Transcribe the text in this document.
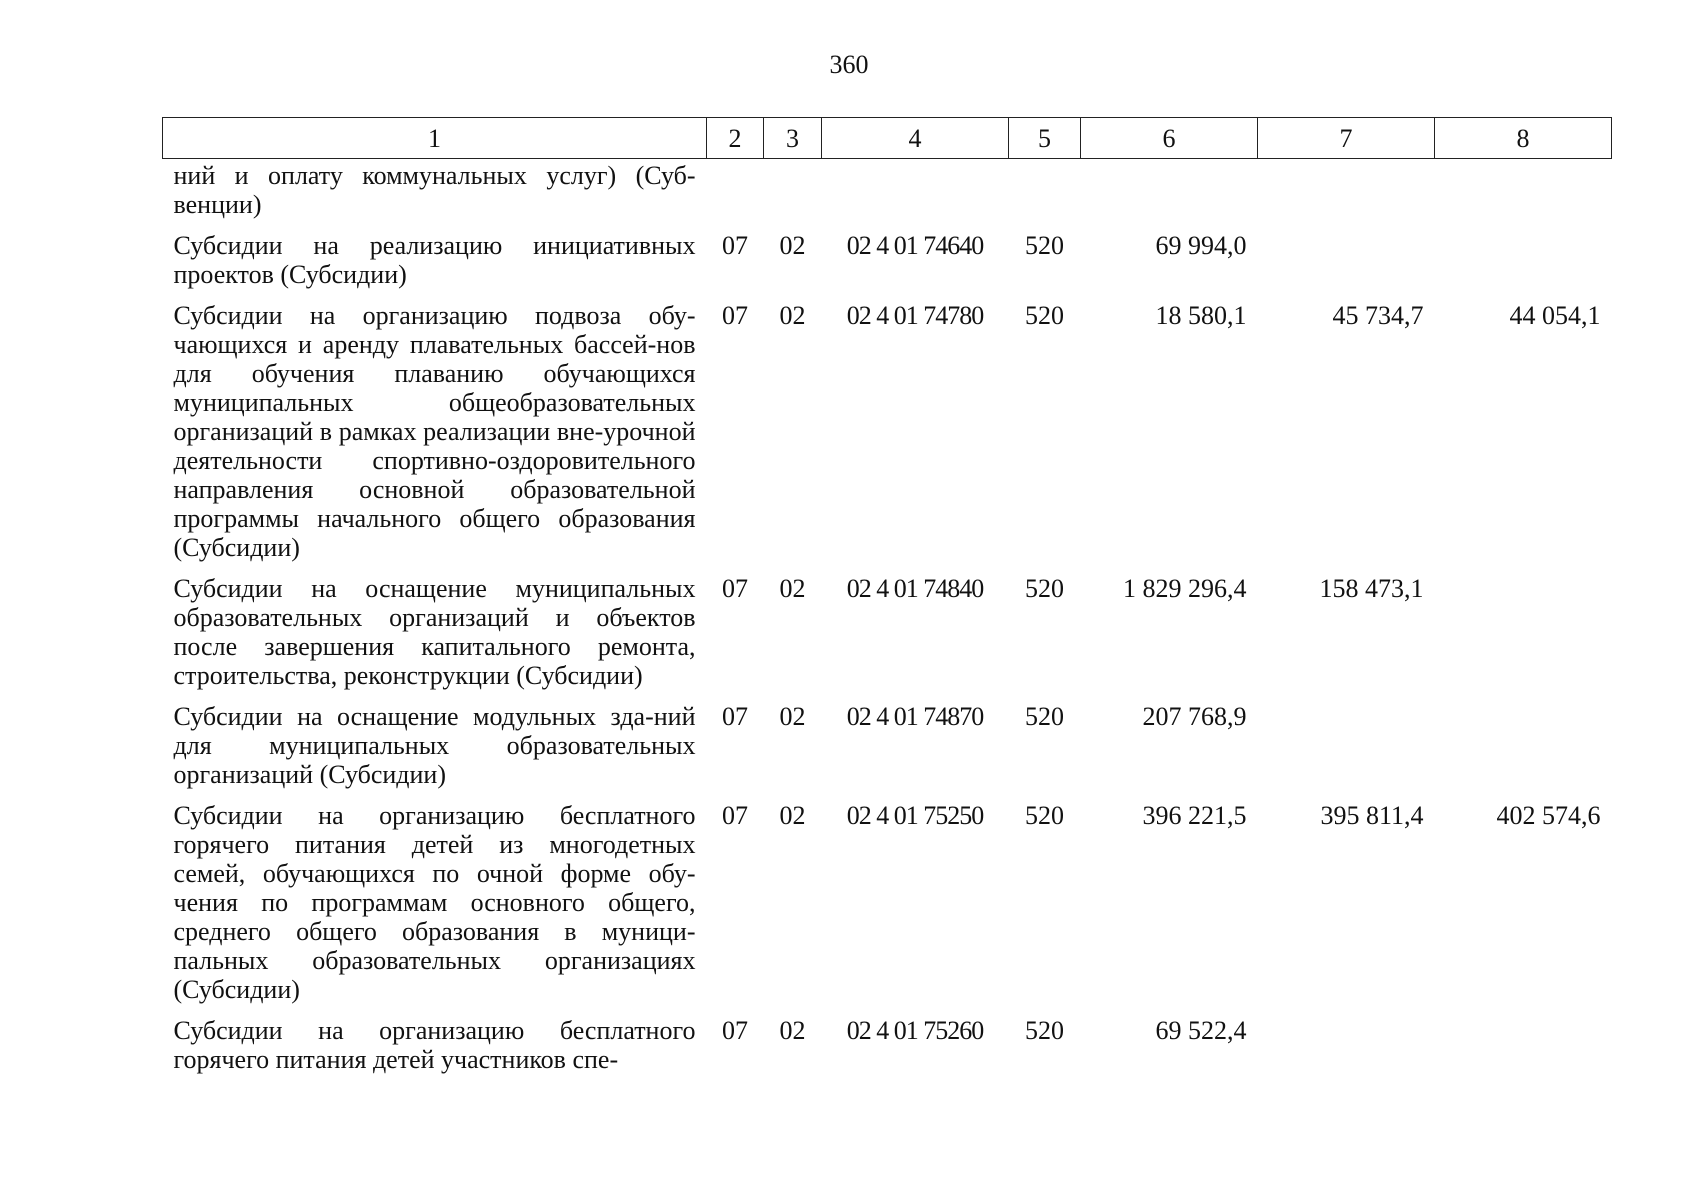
360
1	2	3	4	5	6	7	8
ний и оплату коммунальных услуг) (Суб-венции)							
Субсидии на реализацию инициативных проектов (Субсидии)	07	02	02 4 01 74640	520	69 994,0		
Субсидии на организацию подвоза обу-чающихся и аренду плавательных бассей-нов для обучения плаванию обучающихся муниципальных общеобразовательных организаций в рамках реализации вне-урочной деятельности спортивно-оздоровительного направления основной образовательной программы начального общего образования (Субсидии)	07	02	02 4 01 74780	520	18 580,1	45 734,7	44 054,1
Субсидии на оснащение муниципальных образовательных организаций и объектов после завершения капитального ремонта, строительства, реконструкции (Субсидии)	07	02	02 4 01 74840	520	1 829 296,4	158 473,1	
Субсидии на оснащение модульных зда-ний для муниципальных образовательных организаций (Субсидии)	07	02	02 4 01 74870	520	207 768,9		
Субсидии на организацию бесплатного горячего питания детей из многодетных семей, обучающихся по очной форме обу-чения по программам основного общего, среднего общего образования в муници-пальных образовательных организациях (Субсидии)	07	02	02 4 01 75250	520	396 221,5	395 811,4	402 574,6
Субсидии на организацию бесплатного горячего питания детей участников спе-	07	02	02 4 01 75260	520	69 522,4		
